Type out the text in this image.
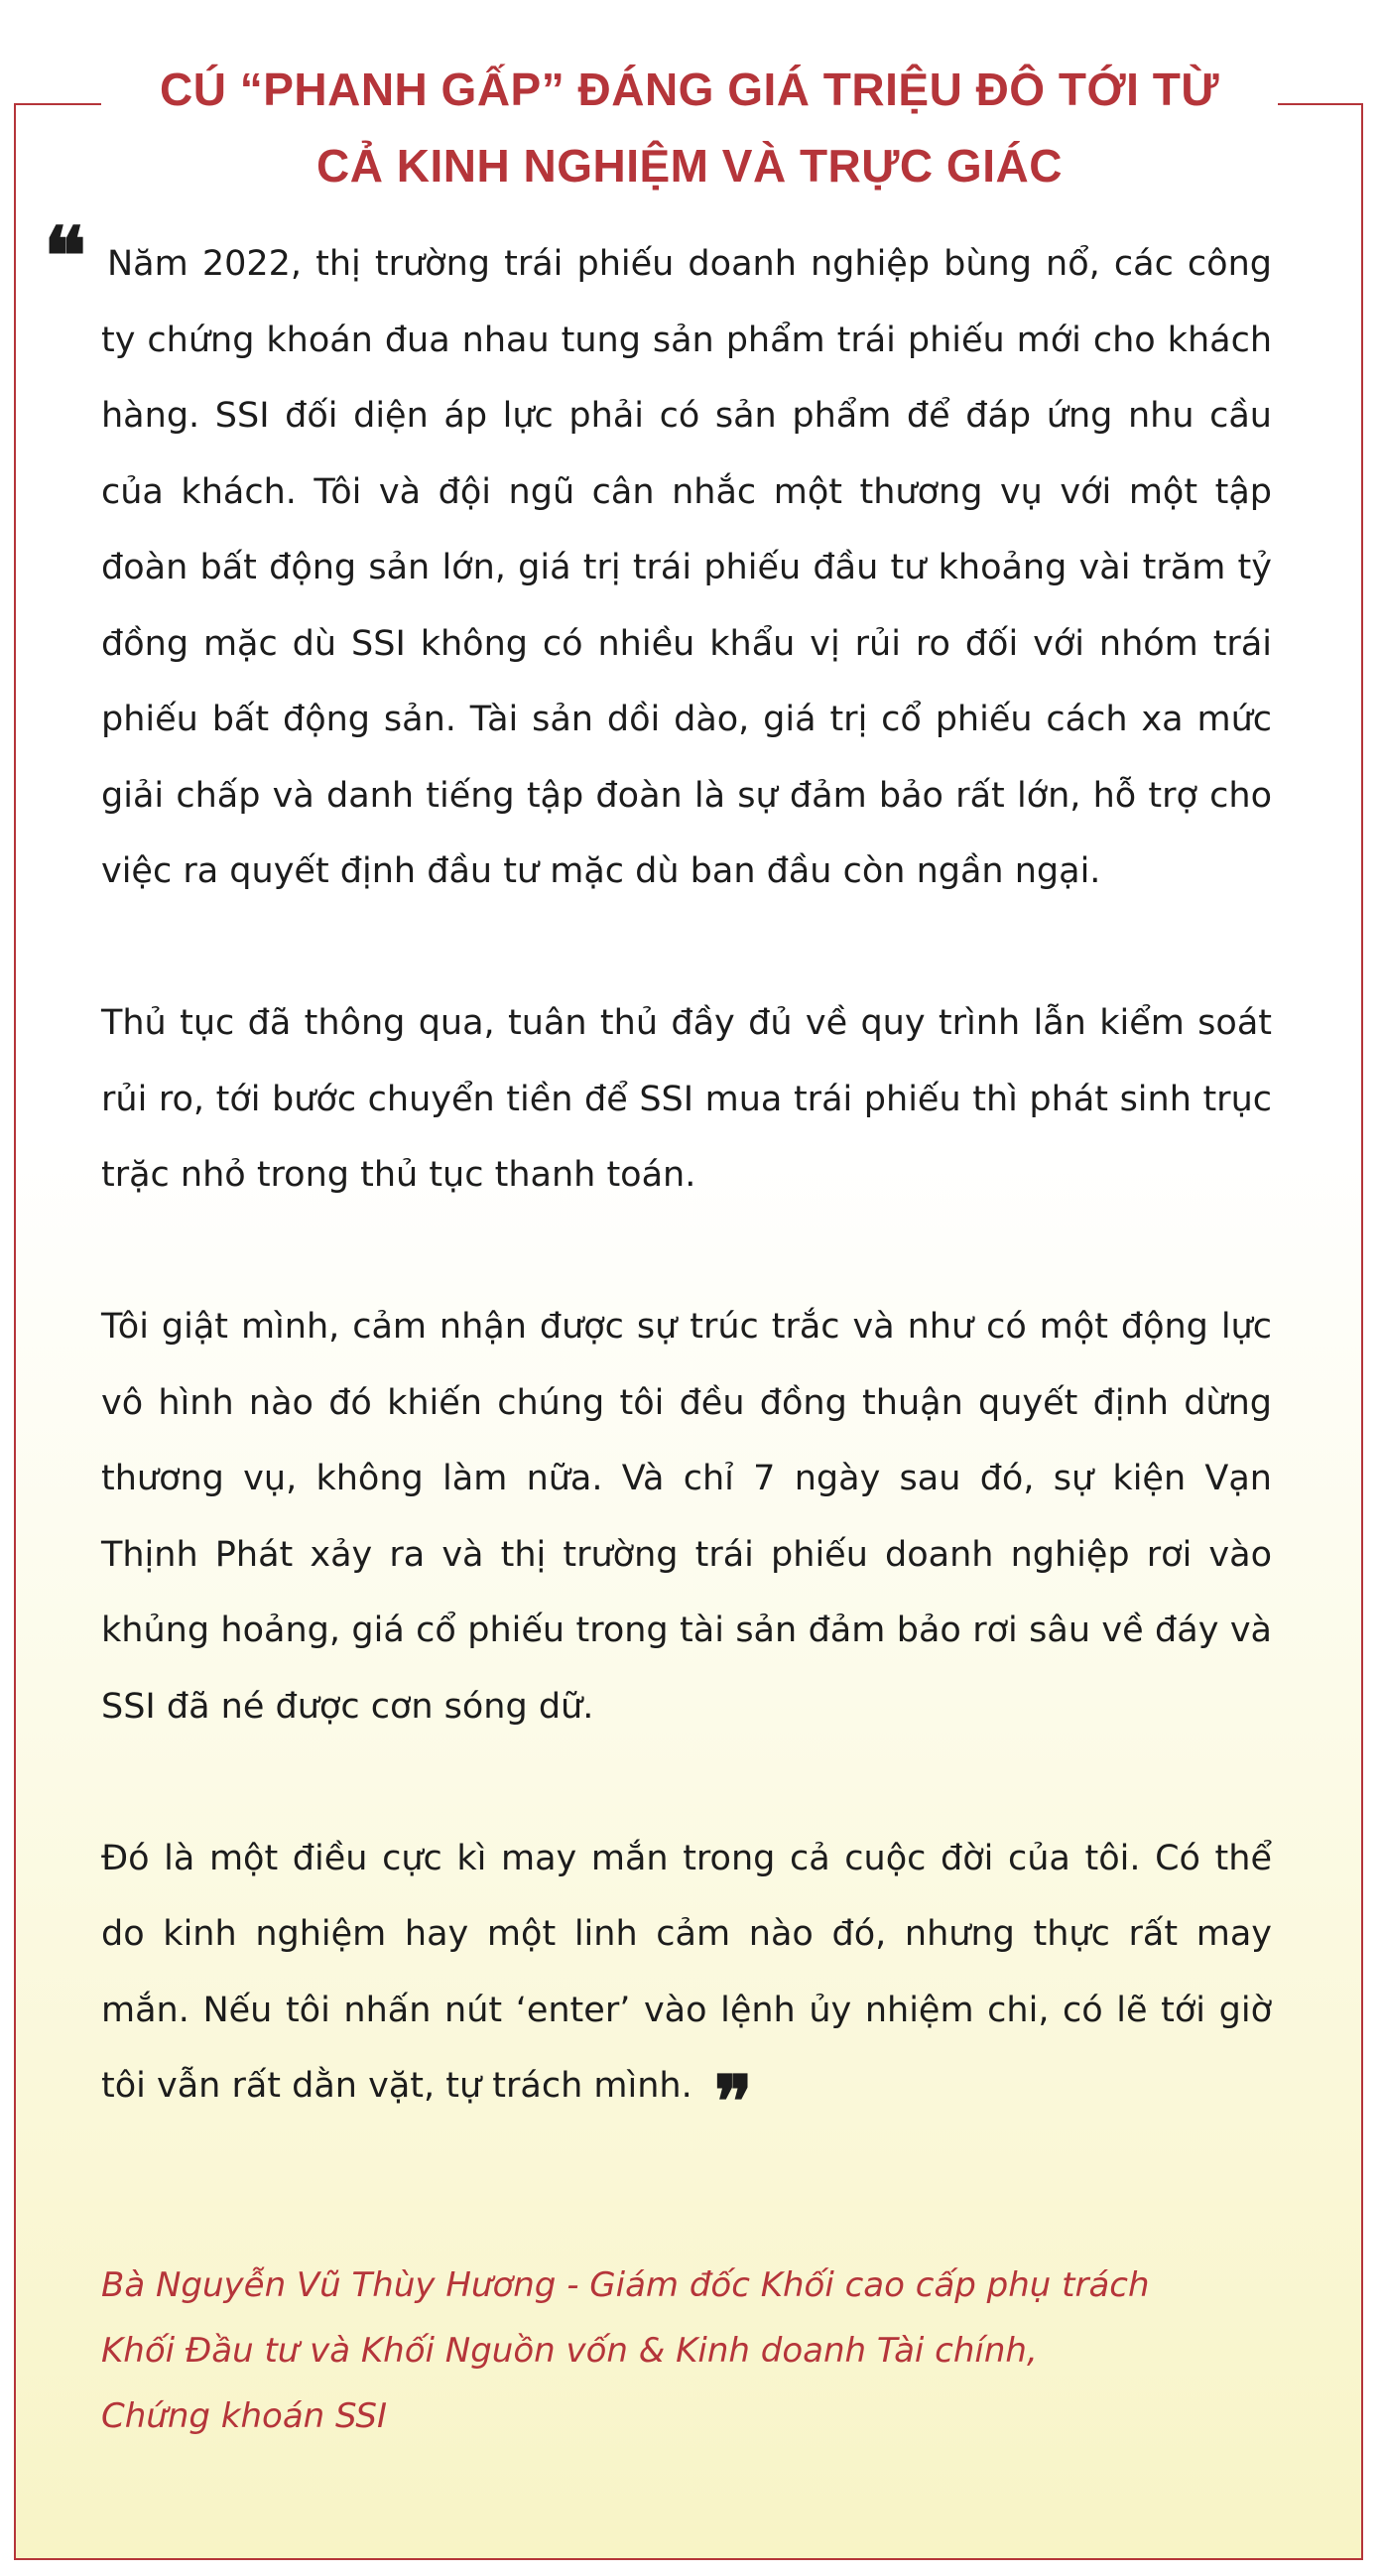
CÚ “PHANH GẤP” ĐÁNG GIÁ TRIỆU ĐÔ TỚI TỪ
CẢ KINH NGHIỆM VÀ TRỰC GIÁC
❝ Năm 2022, thị trường trái phiếu doanh nghiệp bùng nổ, các công ty chứng khoán đua nhau tung sản phẩm trái phiếu mới cho khách hàng. SSI đối diện áp lực phải có sản phẩm để đáp ứng nhu cầu của khách. Tôi và đội ngũ cân nhắc một thương vụ với một tập đoàn bất động sản lớn, giá trị trái phiếu đầu tư khoảng vài trăm tỷ đồng mặc dù SSI không có nhiều khẩu vị rủi ro đối với nhóm trái phiếu bất động sản. Tài sản dồi dào, giá trị cổ phiếu cách xa mức giải chấp và danh tiếng tập đoàn là sự đảm bảo rất lớn, hỗ trợ cho việc ra quyết định đầu tư mặc dù ban đầu còn ngần ngại.

Thủ tục đã thông qua, tuân thủ đầy đủ về quy trình lẫn kiểm soát rủi ro, tới bước chuyển tiền để SSI mua trái phiếu thì phát sinh trục trặc nhỏ trong thủ tục thanh toán.

Tôi giật mình, cảm nhận được sự trúc trắc và như có một động lực vô hình nào đó khiến chúng tôi đều đồng thuận quyết định dừng thương vụ, không làm nữa. Và chỉ 7 ngày sau đó, sự kiện Vạn Thịnh Phát xảy ra và thị trường trái phiếu doanh nghiệp rơi vào khủng hoảng, giá cổ phiếu trong tài sản đảm bảo rơi sâu về đáy và SSI đã né được cơn sóng dữ.

Đó là một điều cực kì may mắn trong cả cuộc đời của tôi. Có thể do kinh nghiệm hay một linh cảm nào đó, nhưng thực rất may mắn. Nếu tôi nhấn nút ‘enter’ vào lệnh ủy nhiệm chi, có lẽ tới giờ tôi vẫn rất dằn vặt, tự trách mình. ❞

Bà Nguyễn Vũ Thùy Hương - Giám đốc Khối cao cấp phụ trách
Khối Đầu tư và Khối Nguồn vốn & Kinh doanh Tài chính,
Chứng khoán SSI
